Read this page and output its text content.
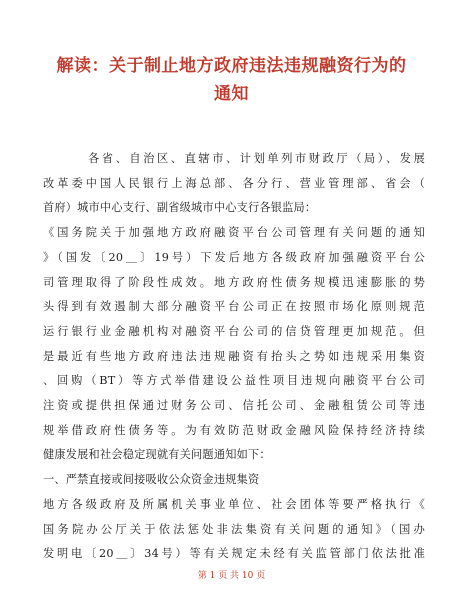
解读：关于制止地方政府违法违规融资行为的
通知
各省、自治区、直辖市、计划单列市财政厅（局）、发展
改革委中国人民银行上海总部、各分行、营业管理部、省会（
首府）城市中心支行、副省级城市中心支行各银监局：
《国务院关于加强地方政府融资平台公司管理有关问题的通知
》（国发〔20＿〕19号）下发后地方各级政府加强融资平台公
司管理取得了阶段性成效。地方政府性债务规模迅速膨胀的势
头得到有效遏制大部分融资平台公司正在按照市场化原则规范
运行银行业金融机构对融资平台公司的信贷管理更加规范。但
是最近有些地方政府违法违规融资有抬头之势如违规采用集资
、回购（BT）等方式举借建设公益性项目违规向融资平台公司
注资或提供担保通过财务公司、信托公司、金融租赁公司等违
规举借政府性债务等。为有效防范财政金融风险保持经济持续
健康发展和社会稳定现就有关问题通知如下：
一、严禁直接或间接吸收公众资金违规集资
地方各级政府及所属机关事业单位、社会团体等要严格执行《
国务院办公厅关于依法惩处非法集资有关问题的通知》（国办
发明电〔20＿〕34号）等有关规定未经有关监管部门依法批准
第 1 页 共 10 页
